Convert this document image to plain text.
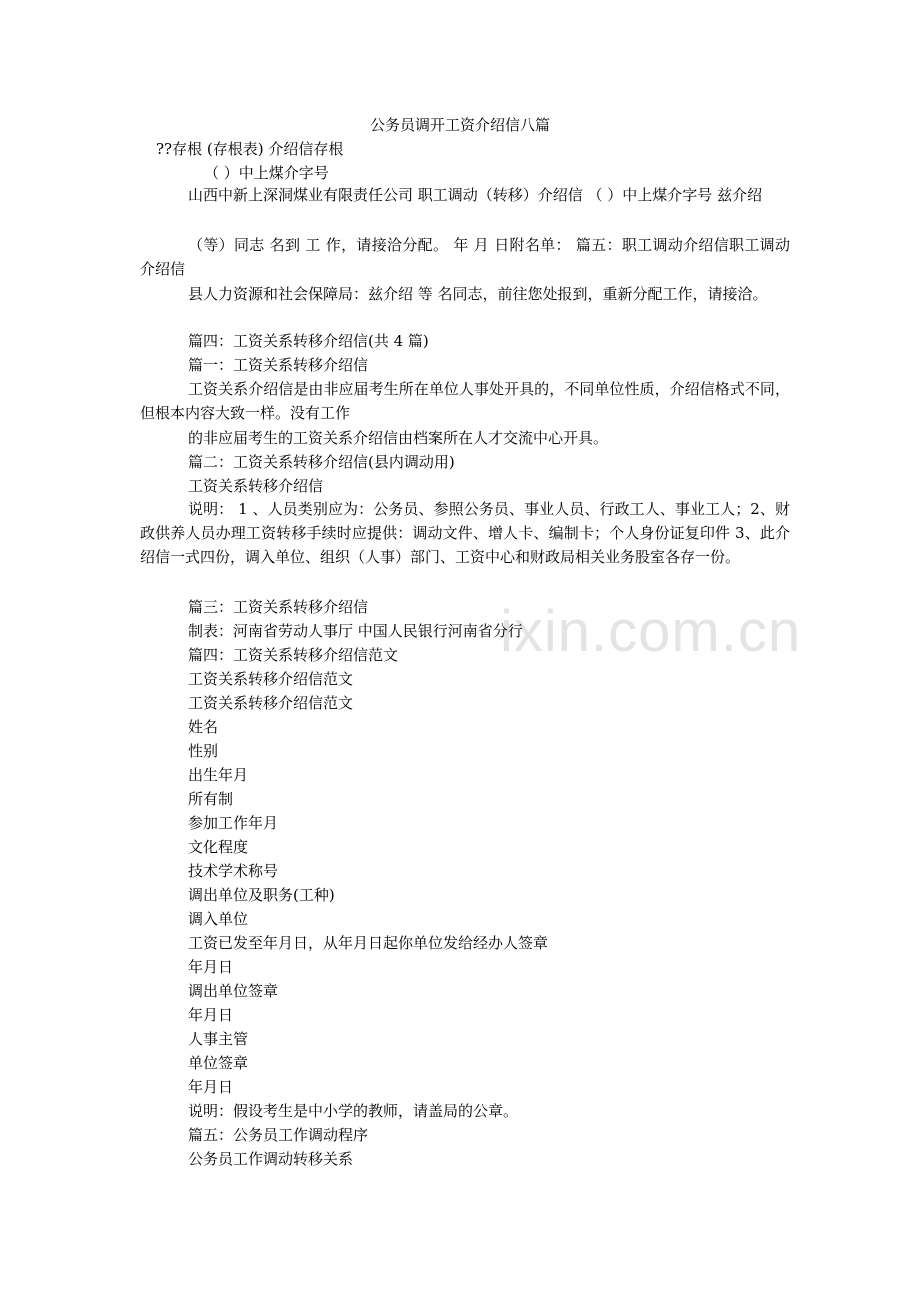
ixin.com.cn
公务员调开工资介绍信八篇
??存根 (存根表) 介绍信存根
（ ）中上煤介字号
山西中新上深洞煤业有限责任公司 职工调动（转移）介绍信 （ ）中上煤介字号 兹介绍
（等）同志 名到 工 作，请接洽分配。 年 月 日附名单： 篇五：职工调动介绍信职工调动介绍信
县人力资源和社会保障局：兹介绍 等 名同志，前往您处报到，重新分配工作，请接洽。
篇四：工资关系转移介绍信(共 4 篇)
篇一：工资关系转移介绍信
工资关系介绍信是由非应届考生所在单位人事处开具的，不同单位性质，介绍信格式不同，但根本内容大致一样。没有工作
的非应届考生的工资关系介绍信由档案所在人才交流中心开具。
篇二：工资关系转移介绍信(县内调动用)
工资关系转移介绍信
说明： 1 、人员类别应为：公务员、参照公务员、事业人员、行政工人、事业工人；2、财政供养人员办理工资转移手续时应提供：调动文件、增人卡、编制卡；个人身份证复印件 3、此介绍信一式四份，调入单位、组织（人事）部门、工资中心和财政局相关业务股室各存一份。
篇三：工资关系转移介绍信
制表：河南省劳动人事厅 中国人民银行河南省分行
篇四：工资关系转移介绍信范文
工资关系转移介绍信范文
工资关系转移介绍信范文
姓名
性别
出生年月
所有制
参加工作年月
文化程度
技术学术称号
调出单位及职务(工种)
调入单位
工资已发至年月日，从年月日起你单位发给经办人签章
年月日
调出单位签章
年月日
人事主管
单位签章
年月日
说明：假设考生是中小学的教师，请盖局的公章。
篇五：公务员工作调动程序
公务员工作调动转移关系
